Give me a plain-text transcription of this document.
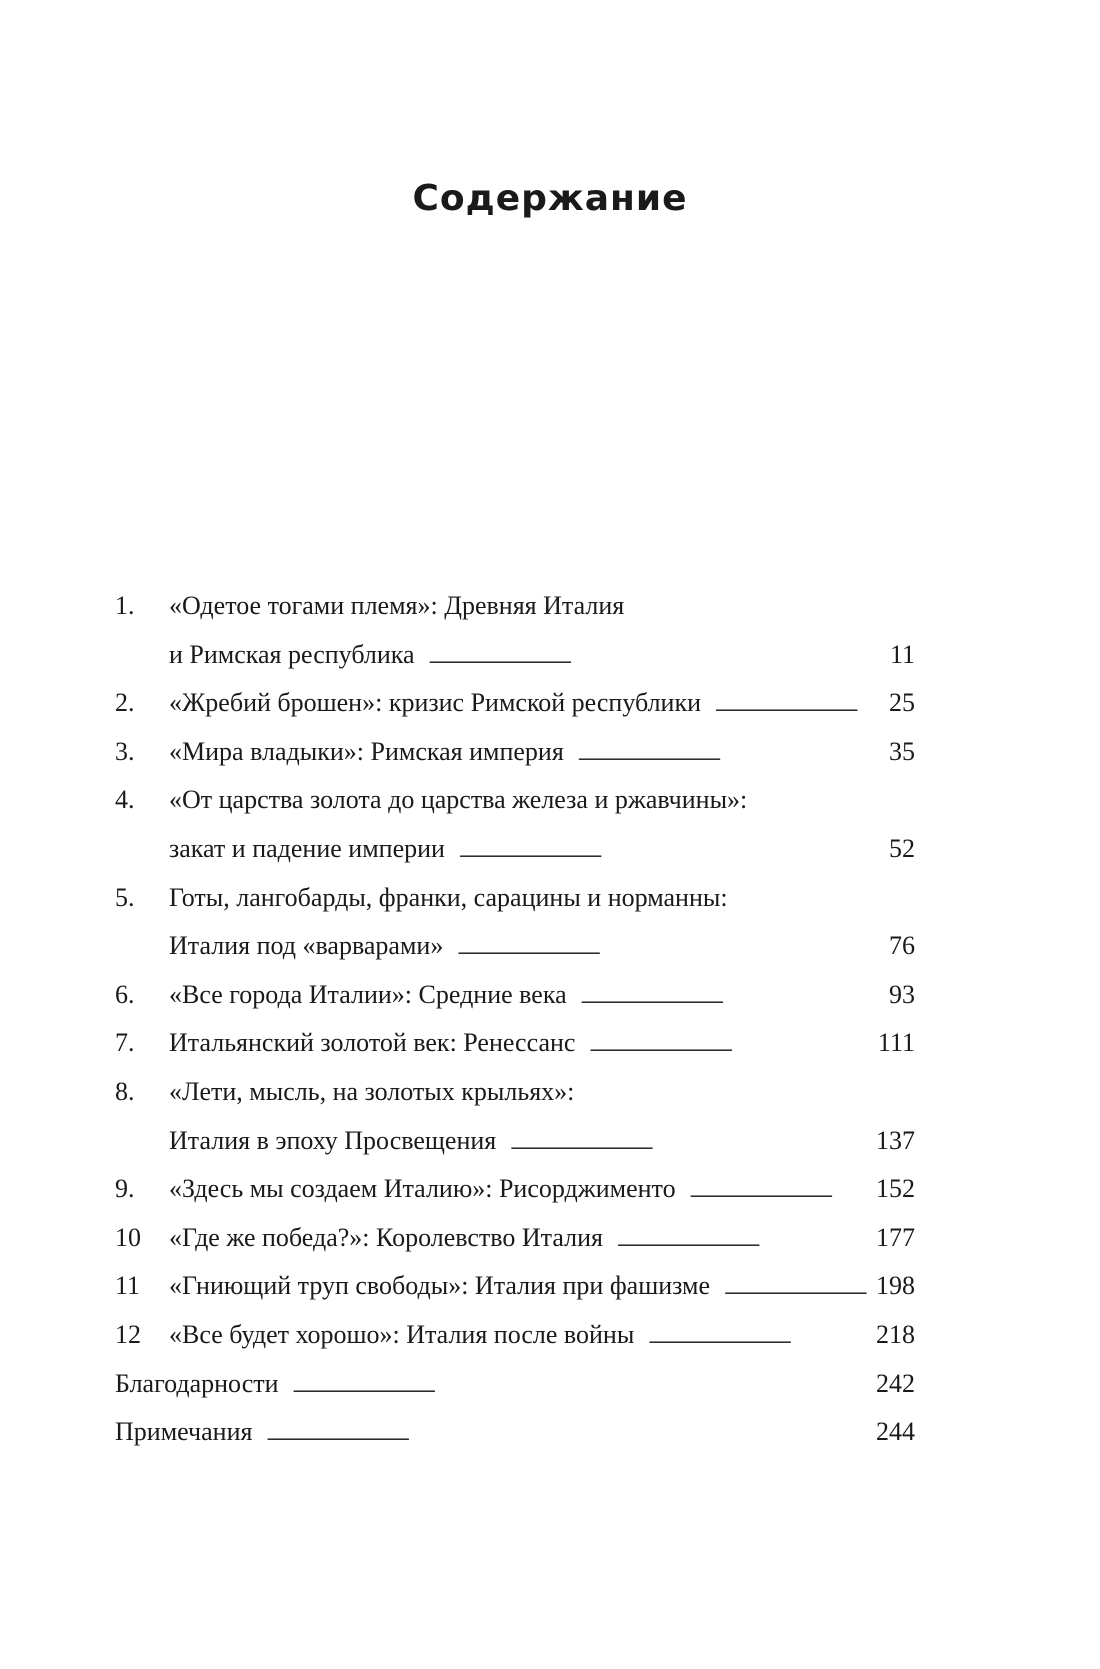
Содержание
1.	«Одетое тогами племя»: Древняя Италия
и Римская республика . . .	11
2.	«Жребий брошен»: кризис Римской республики . . .	25
3.	«Мира владыки»: Римская империя . . .	35
4.	«От царства золота до царства железа и ржавчины»:
закат и падение империи . . .	52
5.	Готы, лангобарды, франки, сарацины и норманны:
Италия под «варварами» . . .	76
6.	«Все города Италии»: Средние века . . .	93
7.	Итальянский золотой век: Ренессанс . . .	111
8.	«Лети, мысль, на золотых крыльях»:
Италия в эпоху Просвещения . . .	137
9.	«Здесь мы создаем Италию»: Рисорджименто . . .	152
10	«Где же победа?»: Королевство Италия . . .	177
11	«Гниющий труп свободы»: Италия при фашизме . . .	198
12	«Все будет хорошо»: Италия после войны . . .	218
Благодарности . . .	242
Примечания . . .	244
